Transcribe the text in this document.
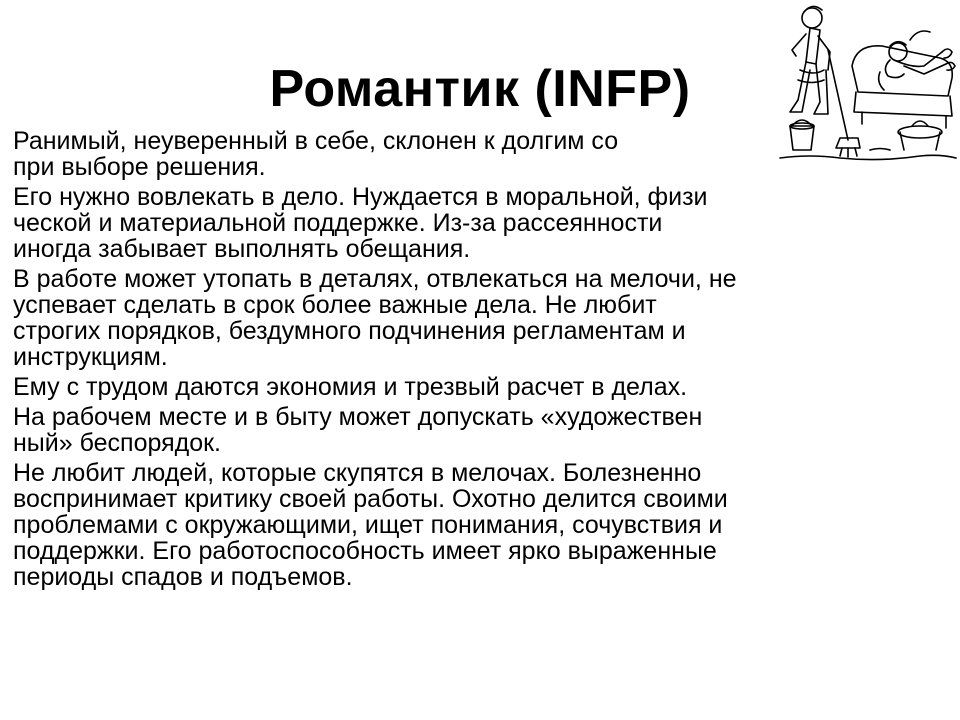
Романтик (INFP)

Ранимый, неуверенный в себе, склонен к долгим со
при выборе решения.

Его нужно вовлекать в дело. Нуждается в моральной, физи
ческой и материальной поддержке. Из-за рассеянности
иногда забывает выполнять обещания.

В работе может утопать в деталях, отвлекаться на мелочи, не
успевает сделать в срок более важные дела. Не любит
строгих порядков, бездумного подчинения регламентам и
инструкциям.

Ему с трудом даются экономия и трезвый расчет в делах.

На рабочем месте и в быту может допускать «художествен
ный» беспорядок.

Не любит людей, которые скупятся в мелочах. Болезненно
воспринимает критику своей работы. Охотно делится своими
проблемами с окружающими, ищет понимания, сочувствия и
поддержки. Его работоспособность имеет ярко выраженные
периоды спадов и подъемов.
